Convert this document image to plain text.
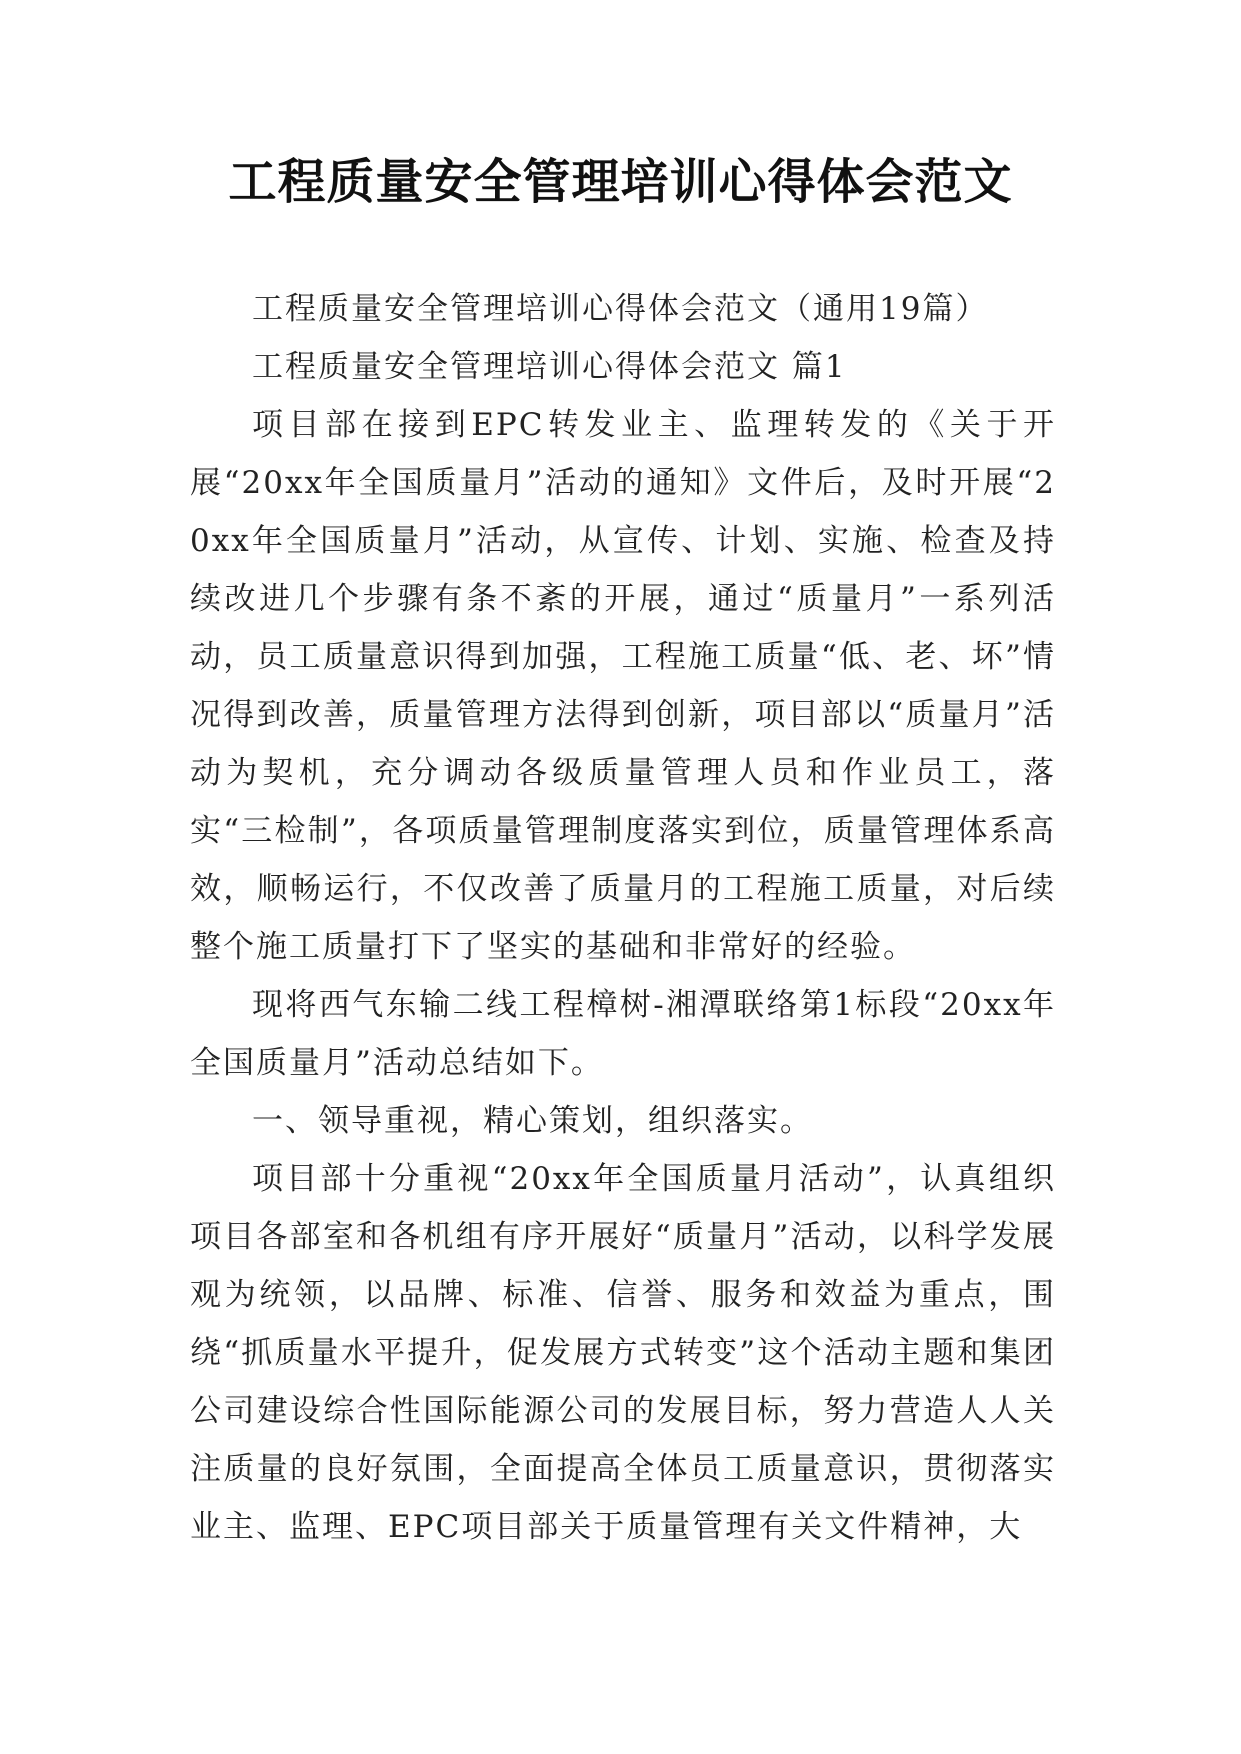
工程质量安全管理培训心得体会范文

工程质量安全管理培训心得体会范文（通用19篇）

工程质量安全管理培训心得体会范文 篇1

项目部在接到EPC转发业主、监理转发的《关于开展“20xx年全国质量月”活动的通知》文件后，及时开展“20xx年全国质量月”活动，从宣传、计划、实施、检查及持续改进几个步骤有条不紊的开展，通过“质量月”一系列活动，员工质量意识得到加强，工程施工质量“低、老、坏”情况得到改善，质量管理方法得到创新，项目部以“质量月”活动为契机，充分调动各级质量管理人员和作业员工，落实“三检制”，各项质量管理制度落实到位，质量管理体系高效，顺畅运行，不仅改善了质量月的工程施工质量，对后续整个施工质量打下了坚实的基础和非常好的经验。

现将西气东输二线工程樟树-湘潭联络第1标段“20xx年全国质量月”活动总结如下。

一、领导重视，精心策划，组织落实。

项目部十分重视“20xx年全国质量月活动”，认真组织项目各部室和各机组有序开展好“质量月”活动，以科学发展观为统领，以品牌、标准、信誉、服务和效益为重点，围绕“抓质量水平提升，促发展方式转变”这个活动主题和集团公司建设综合性国际能源公司的发展目标，努力营造人人关注质量的良好氛围，全面提高全体员工质量意识，贯彻落实业主、监理、EPC项目部关于质量管理有关文件精神，大
